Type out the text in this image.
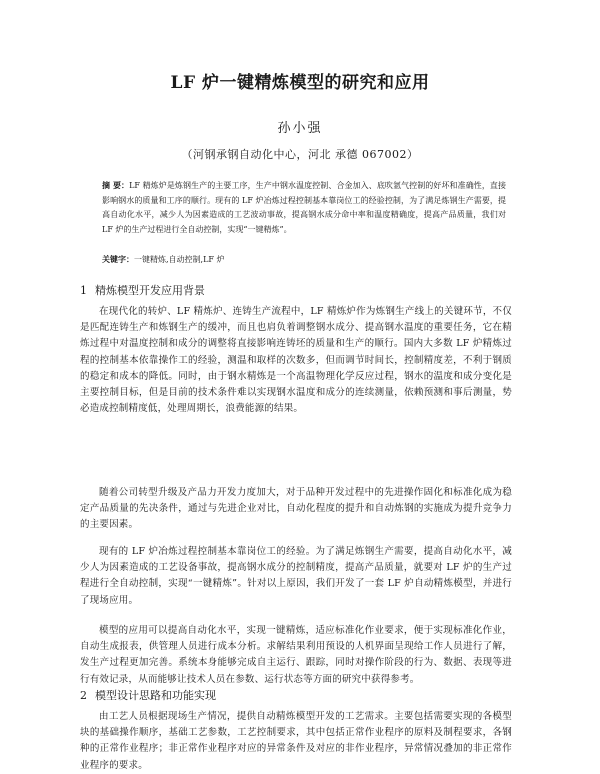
LF 炉一键精炼模型的研究和应用
孙小强
（河钢承钢自动化中心，河北 承德 067002）
摘 要：LF 精炼炉是炼钢生产的主要工序，生产中钢水温度控制、合金加入、底吹氩气控制的好坏和准确性，直接影响钢水的质量和工序的顺行。现有的 LF 炉冶炼过程控制基本靠岗位工的经验控制，为了满足炼钢生产需要，提高自动化水平，减少人为因素造成的工艺波动事故，提高钢水成分命中率和温度精确度，提高产品质量，我们对 LF 炉的生产过程进行全自动控制，实现“一键精炼”。
关键字：一键精炼,自动控制,LF 炉
1 精炼模型开发应用背景
在现代化的转炉、LF 精炼炉、连铸生产流程中，LF 精炼炉作为炼钢生产线上的关键环节，不仅是匹配连铸生产和炼钢生产的缓冲，而且也肩负着调整钢水成分、提高钢水温度的重要任务，它在精炼过程中对温度控制和成分的调整将直接影响连铸坯的质量和生产的顺行。国内大多数 LF 炉精炼过程的控制基本依靠操作工的经验，测温和取样的次数多，但而调节时间长，控制精度差，不利于钢质的稳定和成本的降低。同时，由于钢水精炼是一个高温物理化学反应过程，钢水的温度和成分变化是主要控制目标，但是目前的技术条件难以实现钢水温度和成分的连续测量，依赖预测和事后测量，势必造成控制精度低，处理周期长，浪费能源的结果。
随着公司转型升级及产品力开发力度加大，对于品种开发过程中的先进操作固化和标准化成为稳定产品质量的先决条件，通过与先进企业对比，自动化程度的提升和自动炼钢的实施成为提升竞争力的主要因素。
现有的 LF 炉冶炼过程控制基本靠岗位工的经验。为了满足炼钢生产需要，提高自动化水平，减少人为因素造成的工艺设备事故，提高钢水成分的控制精度，提高产品质量，就要对 LF 炉的生产过程进行全自动控制，实现“一键精炼”。针对以上原因，我们开发了一套 LF 炉自动精炼模型，并进行了现场应用。
模型的应用可以提高自动化水平，实现一键精炼，适应标准化作业要求，便于实现标准化作业，自动生成报表，供管理人员进行成本分析。求解结果利用预设的人机界面呈现给工作人员进行了解，发生产过程更加完善。系统本身能够完成自主运行、跟踪，同时对操作阶段的行为、数据、表现等进行有效记录，从而能够让技术人员在参数、运行状态等方面的研究中获得参考。
2 模型设计思路和功能实现
由工艺人员根据现场生产情况，提供自动精炼模型开发的工艺需求。主要包括需要实现的各模型块的基础操作顺序，基础工艺参数，工艺控制要求，其中包括正常作业程序的原料及制程要求，各钢种的正常作业程序；非正常作业程序对应的异常条件及对应的非作业程序，异常情况叠加的非正常作业程序的要求。
